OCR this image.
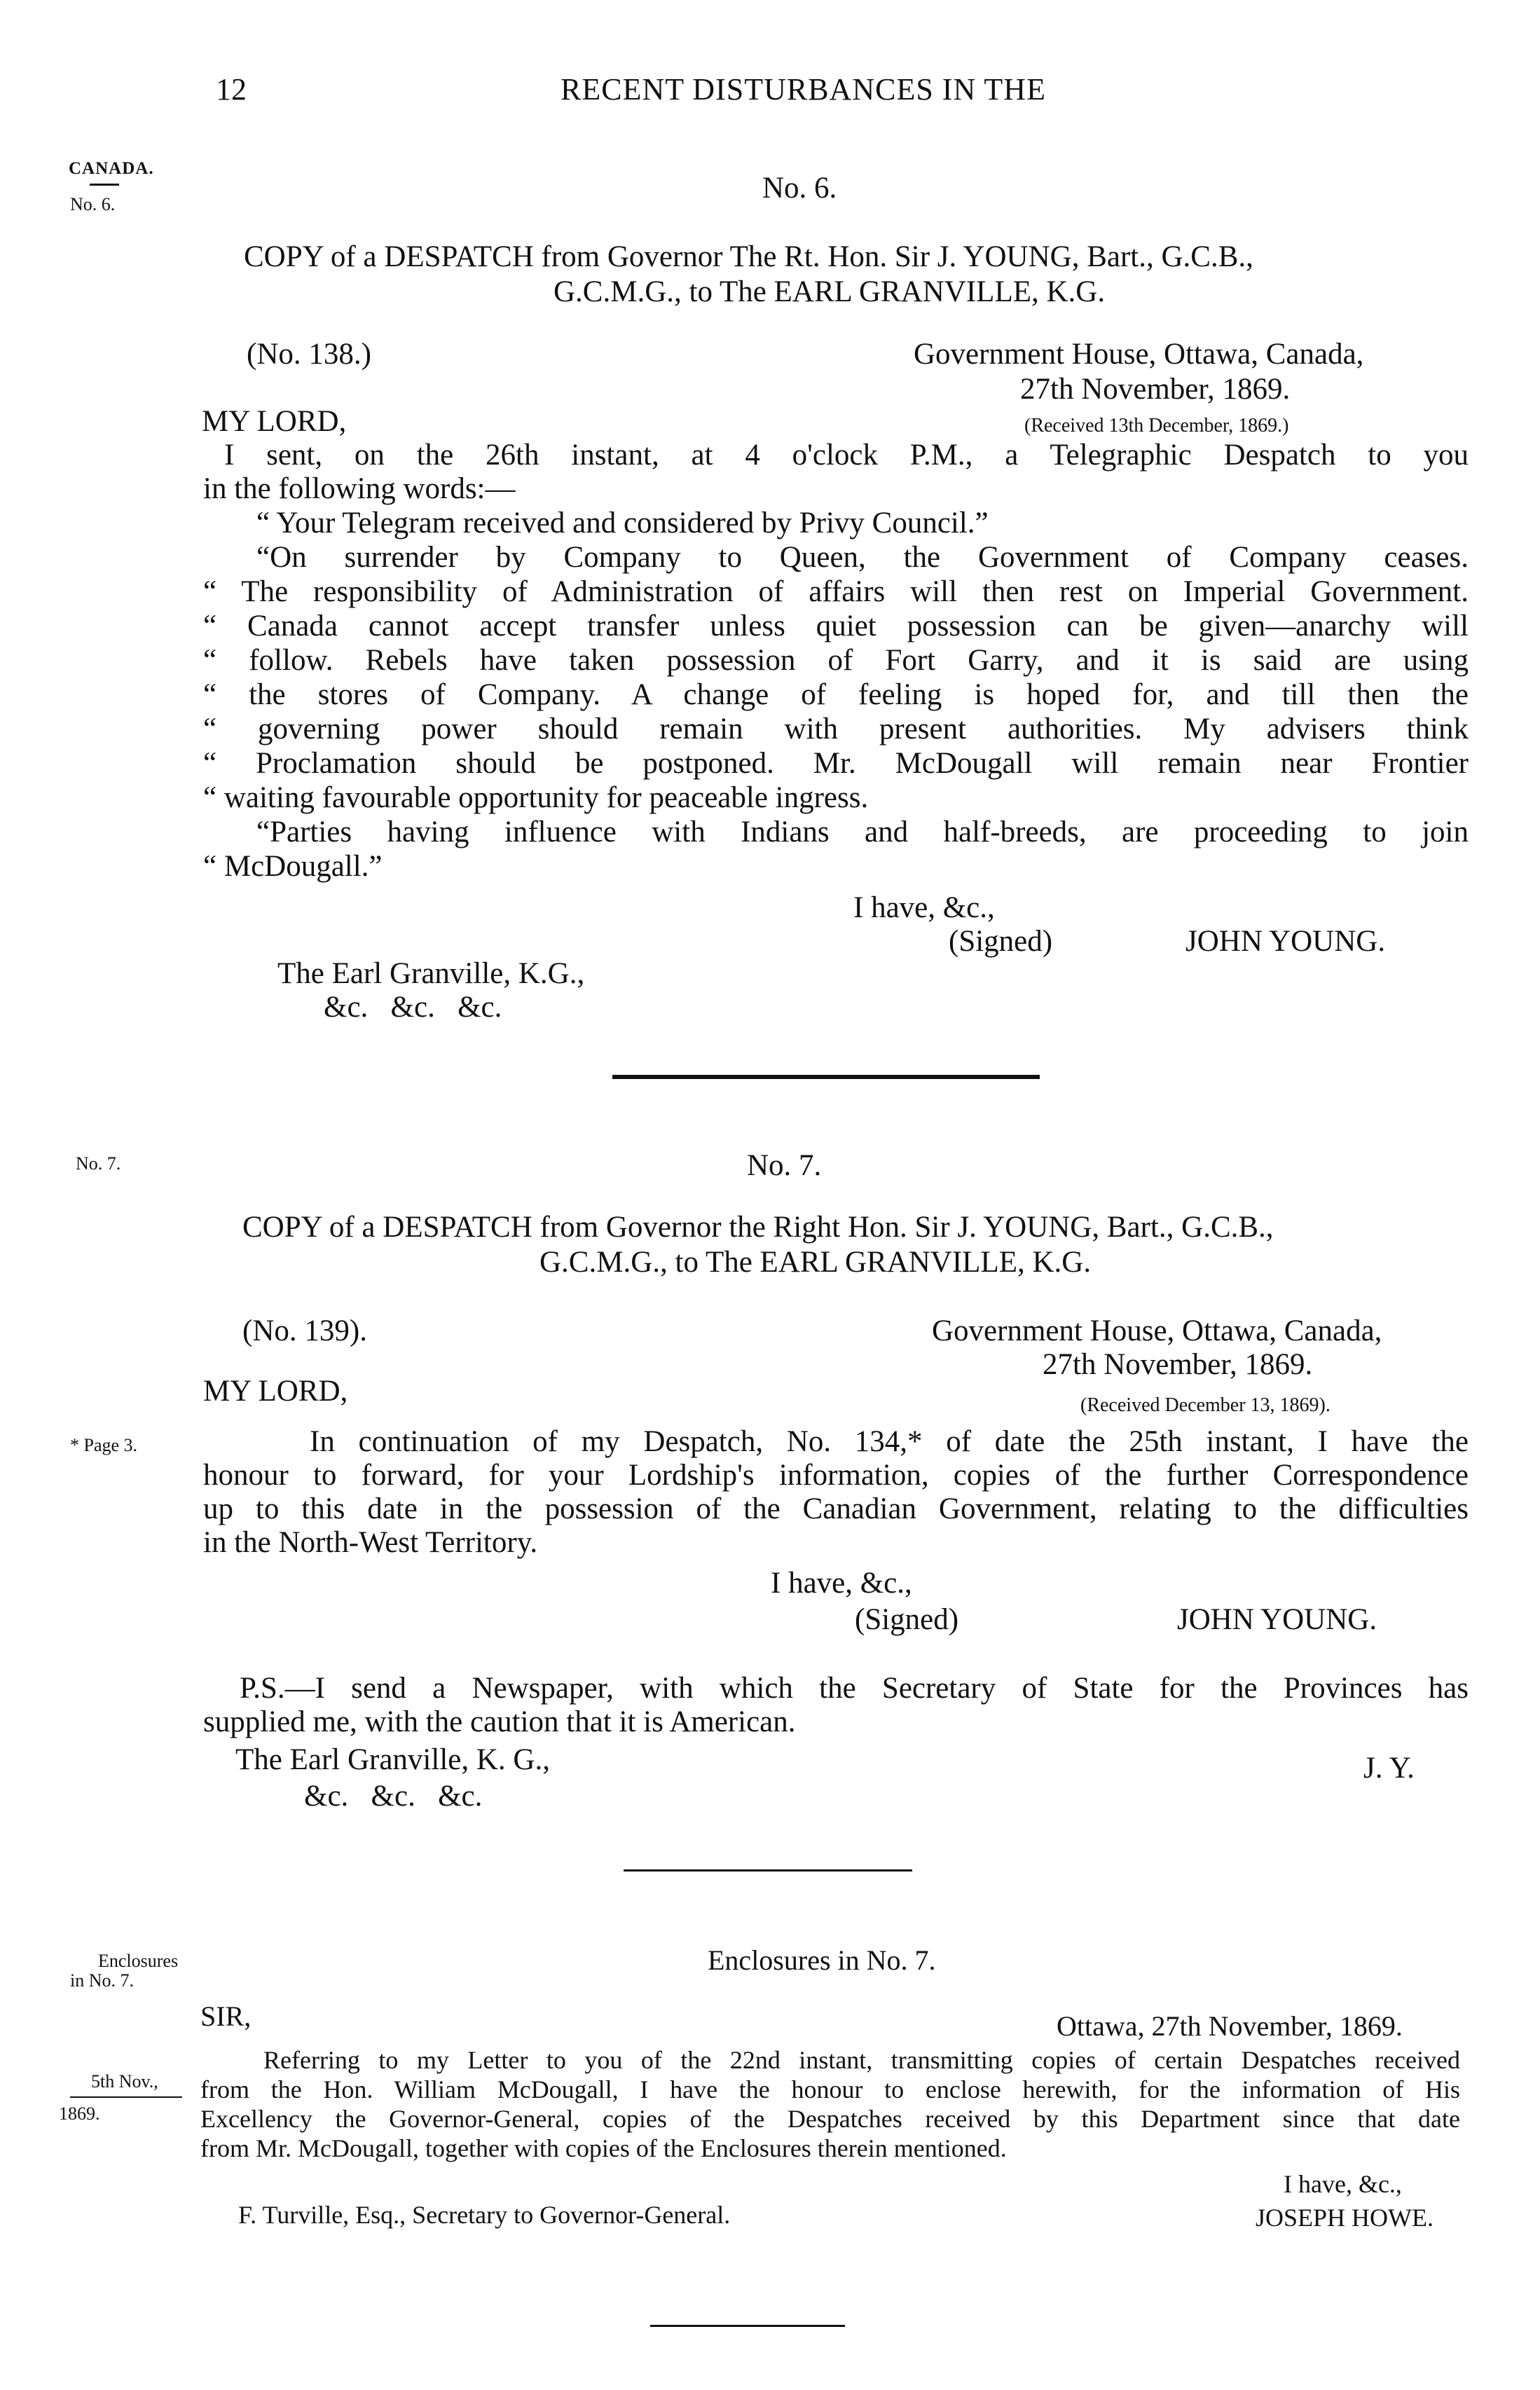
12	RECENT DISTURBANCES IN THE
CANADA.
No. 6.
No. 7.
* Page 3.
Enclosures
in No. 7.
5th Nov.,
1869.
No. 6.
COPY of a DESPATCH from Governor The Rt. Hon. Sir J. YOUNG, Bart., G.C.B.,
G.C.M.G., to The EARL GRANVILLE, K.G.
(No. 138.)	Government House, Ottawa, Canada,
27th November, 1869.
MY LORD,	(Received 13th December, 1869.)
I sent, on the 26th instant, at 4 o'clock P.M., a Telegraphic Despatch to you
in the following words:—
“ Your Telegram received and considered by Privy Council.”
“On surrender by Company to Queen, the Government of Company ceases.
“ The responsibility of Administration of affairs will then rest on Imperial Government.
“ Canada cannot accept transfer unless quiet possession can be given—anarchy will
“ follow. Rebels have taken possession of Fort Garry, and it is said are using
“ the stores of Company. A change of feeling is hoped for, and till then the
“ governing power should remain with present authorities. My advisers think
“ Proclamation should be postponed. Mr. McDougall will remain near Frontier
“ waiting favourable opportunity for peaceable ingress.
“Parties having influence with Indians and half-breeds, are proceeding to join
“ McDougall.”
I have, &c.,
(Signed)	JOHN YOUNG.
The Earl Granville, K.G.,
&c.   &c.   &c.
No. 7.
COPY of a DESPATCH from Governor the Right Hon. Sir J. YOUNG, Bart., G.C.B.,
G.C.M.G., to The EARL GRANVILLE, K.G.
(No. 139).	Government House, Ottawa, Canada,
27th November, 1869.
MY LORD,	(Received December 13, 1869).
In continuation of my Despatch, No. 134,* of date the 25th instant, I have the
honour to forward, for your Lordship's information, copies of the further Correspondence
up to this date in the possession of the Canadian Government, relating to the difficulties
in the North-West Territory.
I have, &c.,
(Signed)	JOHN YOUNG.
P.S.—I send a Newspaper, with which the Secretary of State for the Provinces has
supplied me, with the caution that it is American.
The Earl Granville, K. G.,	J. Y.
&c.   &c.   &c.
Enclosures in No. 7.
SIR,	Ottawa, 27th November, 1869.
Referring to my Letter to you of the 22nd instant, transmitting copies of certain Despatches received
from the Hon. William McDougall, I have the honour to enclose herewith, for the information of His
Excellency the Governor-General, copies of the Despatches received by this Department since that date
from Mr. McDougall, together with copies of the Enclosures therein mentioned.
I have, &c.,
F. Turville, Esq., Secretary to Governor-General.	JOSEPH HOWE.
